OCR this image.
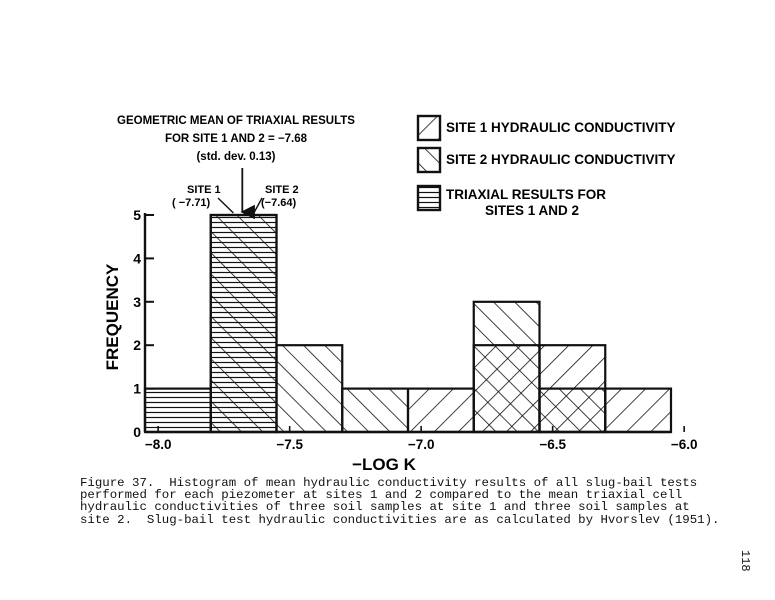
0
1
2
3
4
5
−8.0	−7.5	−7.0	−6.5	−6.0
−LOG K
FREQUENCY
SITE 1 HYDRAULIC CONDUCTIVITY
SITE 2 HYDRAULIC CONDUCTIVITY
TRIAXIAL RESULTS FOR
SITES 1 AND 2
GEOMETRIC MEAN OF TRIAXIAL RESULTS
FOR SITE 1 AND 2 = −7.68
(std. dev. 0.13)
SITE 1
( −7.71)
SITE 2
(−7.64)
Figure 37.  Histogram of mean hydraulic conductivity results of all slug-bail tests
performed for each piezometer at sites 1 and 2 compared to the mean triaxial cell
hydraulic conductivities of three soil samples at site 1 and three soil samples at
site 2.  Slug-bail test hydraulic conductivities are as calculated by Hvorslev (1951).
118
